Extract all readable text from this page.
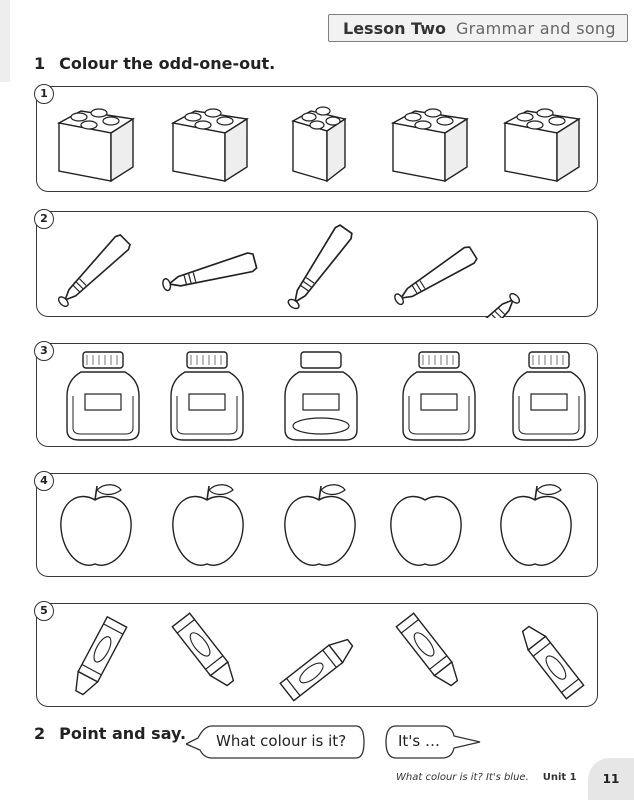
Lesson Two Grammar and song
1 Colour the odd-one-out.
1
2
3
4
5
2 Point and say. What colour is it?	It's …
What colour is it? It's blue. Unit 1	11
